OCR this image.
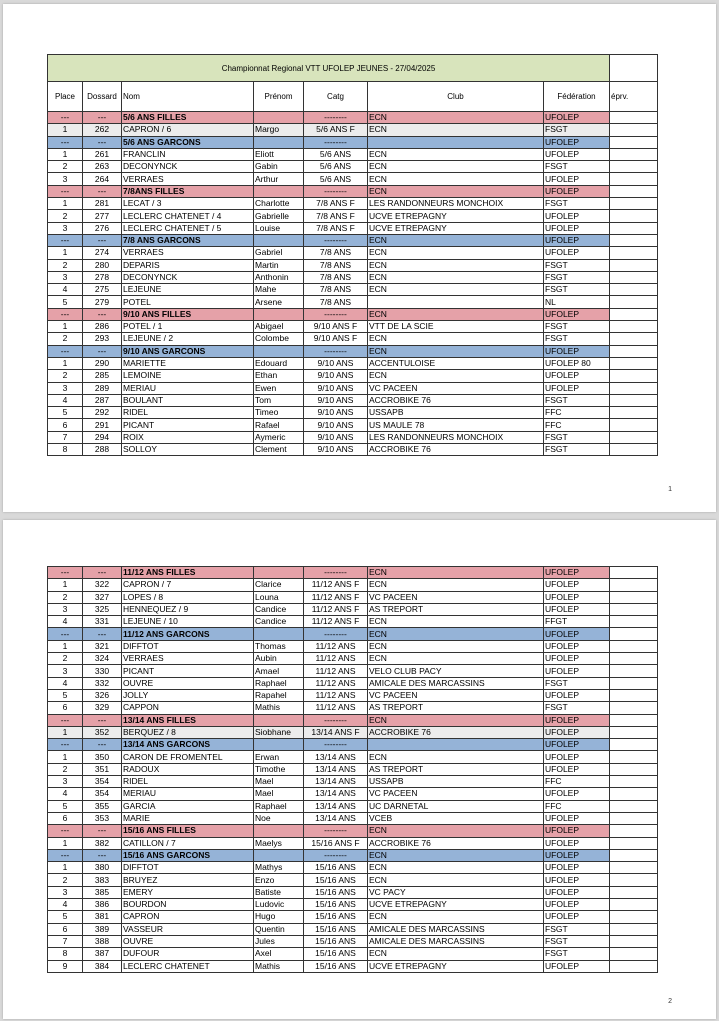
Championnat Regional VTT UFOLEP JEUNES - 27/04/2025							
Place	Dossard	Nom	Prénom	Catg	Club	Fédération	éprv.
---	---	5/6 ANS FILLES		--------	ECN	UFOLEP	
1	262	CAPRON / 6	Margo	5/6 ANS F	ECN	FSGT	
---	---	5/6 ANS GARCONS		--------		UFOLEP	
1	261	FRANCLIN	Eliott	5/6 ANS	ECN	UFOLEP	
2	263	DECONYNCK	Gabin	5/6 ANS	ECN	FSGT	
3	264	VERRAES	Arthur	5/6 ANS	ECN	UFOLEP	
---	---	7/8ANS FILLES		--------	ECN	UFOLEP	
1	281	LECAT / 3	Charlotte	7/8 ANS F	LES RANDONNEURS MONCHOIX	FSGT	
2	277	LECLERC CHATENET / 4	Gabrielle	7/8 ANS F	UCVE ETREPAGNY	UFOLEP	
3	276	LECLERC CHATENET / 5	Louise	7/8 ANS F	UCVE ETREPAGNY	UFOLEP	
---	---	7/8 ANS GARCONS		--------	ECN	UFOLEP	
1	274	VERRAES	Gabriel	7/8 ANS	ECN	UFOLEP	
2	280	DEPARIS	Martin	7/8 ANS	ECN	FSGT	
3	278	DECONYNCK	Anthonin	7/8 ANS	ECN	FSGT	
4	275	LEJEUNE	Mahe	7/8 ANS	ECN	FSGT	
5	279	POTEL	Arsene	7/8 ANS		NL	
---	---	9/10 ANS FILLES		--------	ECN	UFOLEP	
1	286	POTEL / 1	Abigael	9/10 ANS F	VTT DE LA SCIE	FSGT	
2	293	LEJEUNE / 2	Colombe	9/10 ANS F	ECN	FSGT	
---	---	9/10 ANS GARCONS		--------	ECN	UFOLEP	
1	290	MARIETTE	Edouard	9/10 ANS	ACCENTULOISE	UFOLEP 80	
2	285	LEMOINE	Ethan	9/10 ANS	ECN	UFOLEP	
3	289	MERIAU	Ewen	9/10 ANS	VC PACEEN	UFOLEP	
4	287	BOULANT	Tom	9/10 ANS	ACCROBIKE 76	FSGT	
5	292	RIDEL	Timeo	9/10 ANS	USSAPB	FFC	
6	291	PICANT	Rafael	9/10 ANS	US MAULE 78	FFC	
7	294	ROIX	Aymeric	9/10 ANS	LES RANDONNEURS MONCHOIX	FSGT	
8	288	SOLLOY	Clement	9/10 ANS	ACCROBIKE 76	FSGT	
1
---	---	11/12 ANS FILLES		--------	ECN	UFOLEP	
1	322	CAPRON / 7	Clarice	11/12 ANS F	ECN	UFOLEP	
2	327	LOPES / 8	Louna	11/12 ANS F	VC PACEEN	UFOLEP	
3	325	HENNEQUEZ / 9	Candice	11/12 ANS F	AS TREPORT	UFOLEP	
4	331	LEJEUNE / 10	Candice	11/12 ANS F	ECN	FFGT	
---	---	11/12 ANS GARCONS		--------	ECN	UFOLEP	
1	321	DIFFTOT	Thomas	11/12 ANS	ECN	UFOLEP	
2	324	VERRAES	Aubin	11/12 ANS	ECN	UFOLEP	
3	330	PICANT	Amael	11/12 ANS	VELO CLUB PACY	UFOLEP	
4	332	OUVRE	Raphael	11/12 ANS	AMICALE DES MARCASSINS	FSGT	
5	326	JOLLY	Rapahel	11/12 ANS	VC PACEEN	UFOLEP	
6	329	CAPPON	Mathis	11/12 ANS	AS TREPORT	FSGT	
---	---	13/14 ANS FILLES		--------	ECN	UFOLEP	
1	352	BERQUEZ / 8	Siobhane	13/14 ANS F	ACCROBIKE 76	UFOLEP	
---	---	13/14 ANS GARCONS		--------		UFOLEP	
1	350	CARON DE FROMENTEL	Erwan	13/14 ANS	ECN	UFOLEP	
2	351	RADOUX	Timothe	13/14 ANS	AS TREPORT	UFOLEP	
3	354	RIDEL	Mael	13/14 ANS	USSAPB	FFC	
4	354	MERIAU	Mael	13/14 ANS	VC PACEEN	UFOLEP	
5	355	GARCIA	Raphael	13/14 ANS	UC DARNETAL	FFC	
6	353	MARIE	Noe	13/14 ANS	VCEB	UFOLEP	
---	---	15/16 ANS FILLES		--------	ECN	UFOLEP	
1	382	CATILLON / 7	Maelys	15/16 ANS F	ACCROBIKE 76	UFOLEP	
---	---	15/16 ANS GARCONS		--------	ECN	UFOLEP	
1	380	DIFFTOT	Mathys	15/16 ANS	ECN	UFOLEP	
2	383	BRUYEZ	Enzo	15/16 ANS	ECN	UFOLEP	
3	385	EMERY	Batiste	15/16 ANS	VC PACY	UFOLEP	
4	386	BOURDON	Ludovic	15/16 ANS	UCVE ETREPAGNY	UFOLEP	
5	381	CAPRON	Hugo	15/16 ANS	ECN	UFOLEP	
6	389	VASSEUR	Quentin	15/16 ANS	AMICALE DES MARCASSINS	FSGT	
7	388	OUVRE	Jules	15/16 ANS	AMICALE DES MARCASSINS	FSGT	
8	387	DUFOUR	Axel	15/16 ANS	ECN	FSGT	
9	384	LECLERC CHATENET	Mathis	15/16 ANS	UCVE ETREPAGNY	UFOLEP	
2
